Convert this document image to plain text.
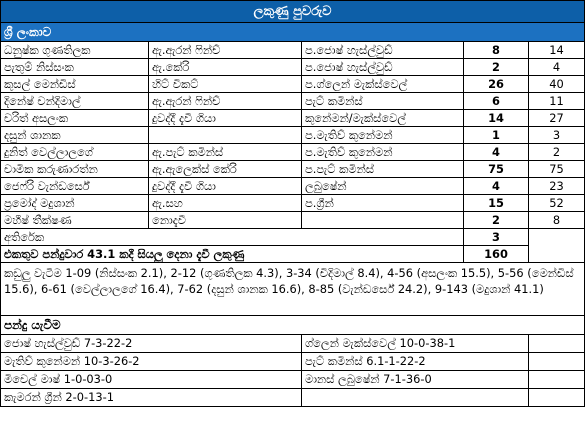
ලකුණු පුවරුව				
ශ්‍රී ලංකාව				
ධනුෂ්ක ගුණතිලක	ඇ.ඇරන් ෆින්ච්	ප.ජොෂ් හැස්ල්වුඩ්	8	14
පැතුම් නිස්සංක	ඇ.කේරි	ප.ජොෂ් හැස්ල්වුඩ්	2	4
කුසල් මෙන්ඩිස්	හිට් විකට්	ප.ග්ලෙන් මැක්ස්වෙල්	26	40
දිනේෂ් චන්දිමාල්	ඇ.ඇරන් ෆින්ච්	පැට් කමින්ස්	6	11
චරිත් අසලංක	දුවද්දී දැවී ගියා	කුනේමන්/මැක්ස්වෙල්	14	27
දසුන් ශානක		ප.මැතිව් කුනේමන්	1	3
දුනිත් වෙල්ලාලගේ	ඇ.පැට් කමින්ස්	ප.මැතිව් කුනේමන්	4	2
චාමික කරුණාරත්න	ඇ.ඇලෙක්ස් කේරි	ප.පැට් කමින්ස්	75	75
ජෙෆ්රි වැන්ඩර්සේ	දුවද්දී දැවී ගියා	ලබුෂේන්	4	23
ප්‍රමෝද් මදුශාන්	ඇ.සහ	ප.ග්‍රීන්	15	52
මහීෂ් තීක්ෂණ	නොදැවී		2	8
අතිරේක			3	
එකතුව පන්දුවාර 43.1 කදී සියලු දෙනා දැවී ලකුණු			160	
කඩුලු වැටීම 1-09 (නිස්සංක 2.1), 2-12 (ගුණතිලක 4.3), 3-34 (චිදිමාල් 8.4), 4-56 (අසලංක 15.5), 5-56 (මෙන්ඩිස් 15.6), 6-61 (වෙල්ලාලගේ 16.4), 7-62 (දසුන් ශානක 16.6), 8-85 (වැන්ඩර්සේ 24.2), 9-143 (මදුශාන් 41.1)				
පන්දු යැවීම				
ජොෂ් හැස්ල්වුඩ් 7-3-22-2		ග්ලෙන් මැක්ස්වෙල් 10-0-38-1		
මැතිව් කුනේමන් 10-3-26-2		පැට් කමින්ස් 6.1-1-22-2		
මිචෙල් මාෂ් 1-0-03-0		මානස් ලබුෂේන් 7-1-36-0		
කැමරන් ග්‍රීන් 2-0-13-1				
